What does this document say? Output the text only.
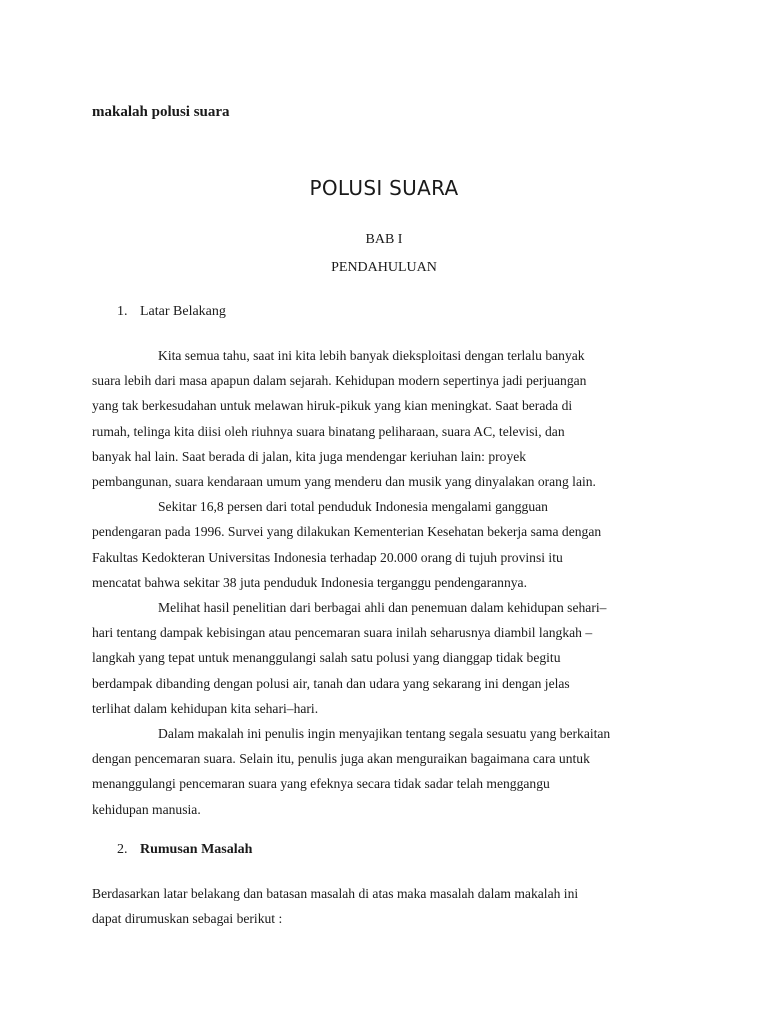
makalah polusi suara

POLUSI SUARA

BAB I

PENDAHULUAN

1. Latar Belakang

Kita semua tahu, saat ini kita lebih banyak dieksploitasi dengan terlalu banyak
suara lebih dari masa apapun dalam sejarah. Kehidupan modern sepertinya jadi perjuangan
yang tak berkesudahan untuk melawan hiruk-pikuk yang kian meningkat. Saat berada di
rumah, telinga kita diisi oleh riuhnya suara binatang peliharaan, suara AC, televisi, dan
banyak hal lain. Saat berada di jalan, kita juga mendengar keriuhan lain: proyek
pembangunan, suara kendaraan umum yang menderu dan musik yang dinyalakan orang lain.
Sekitar 16,8 persen dari total penduduk Indonesia mengalami gangguan
pendengaran pada 1996. Survei yang dilakukan Kementerian Kesehatan bekerja sama dengan
Fakultas Kedokteran Universitas Indonesia terhadap 20.000 orang di tujuh provinsi itu
mencatat bahwa sekitar 38 juta penduduk Indonesia terganggu pendengarannya.
Melihat hasil penelitian dari berbagai ahli dan penemuan dalam kehidupan sehari–
hari tentang dampak kebisingan atau pencemaran suara inilah seharusnya diambil langkah –
langkah yang tepat untuk menanggulangi salah satu polusi yang dianggap tidak begitu
berdampak dibanding dengan polusi air, tanah dan udara yang sekarang ini dengan jelas
terlihat dalam kehidupan kita sehari–hari.
Dalam makalah ini penulis ingin menyajikan tentang segala sesuatu yang berkaitan
dengan pencemaran suara. Selain itu, penulis juga akan menguraikan bagaimana cara untuk
menanggulangi pencemaran suara yang efeknya secara tidak sadar telah menggangu
kehidupan manusia.

2. Rumusan Masalah

Berdasarkan latar belakang dan batasan masalah di atas maka masalah dalam makalah ini
dapat dirumuskan sebagai berikut :
